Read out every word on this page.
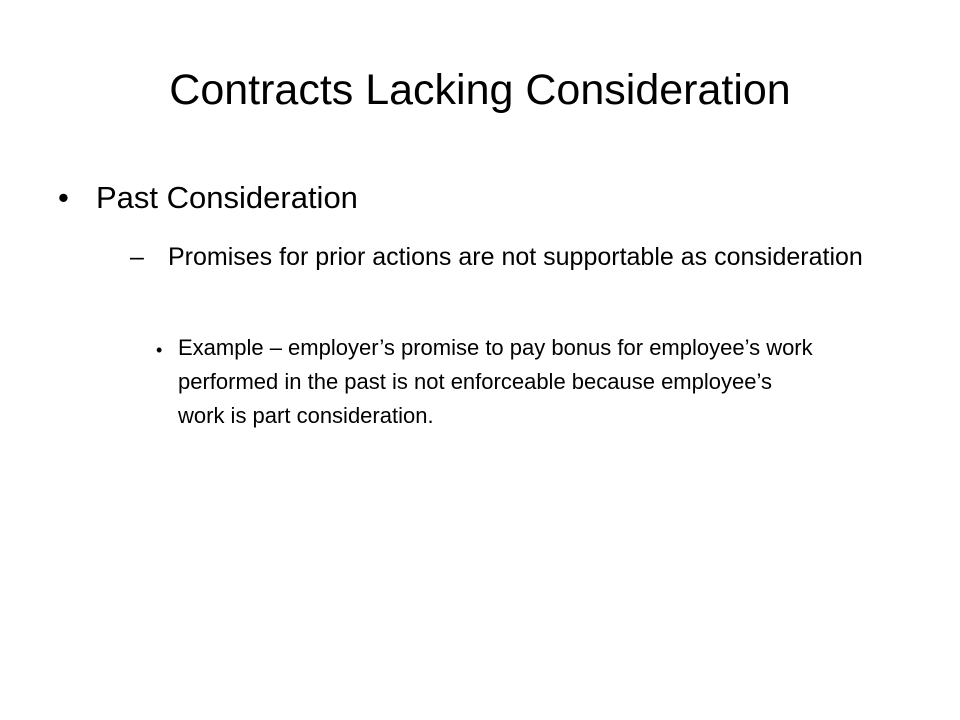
Contracts Lacking Consideration
• Past Consideration
– Promises for prior actions are not supportable as consideration
• Example – employer’s promise to pay bonus for employee’s work performed in the past is not enforceable because employee’s work is part consideration.
